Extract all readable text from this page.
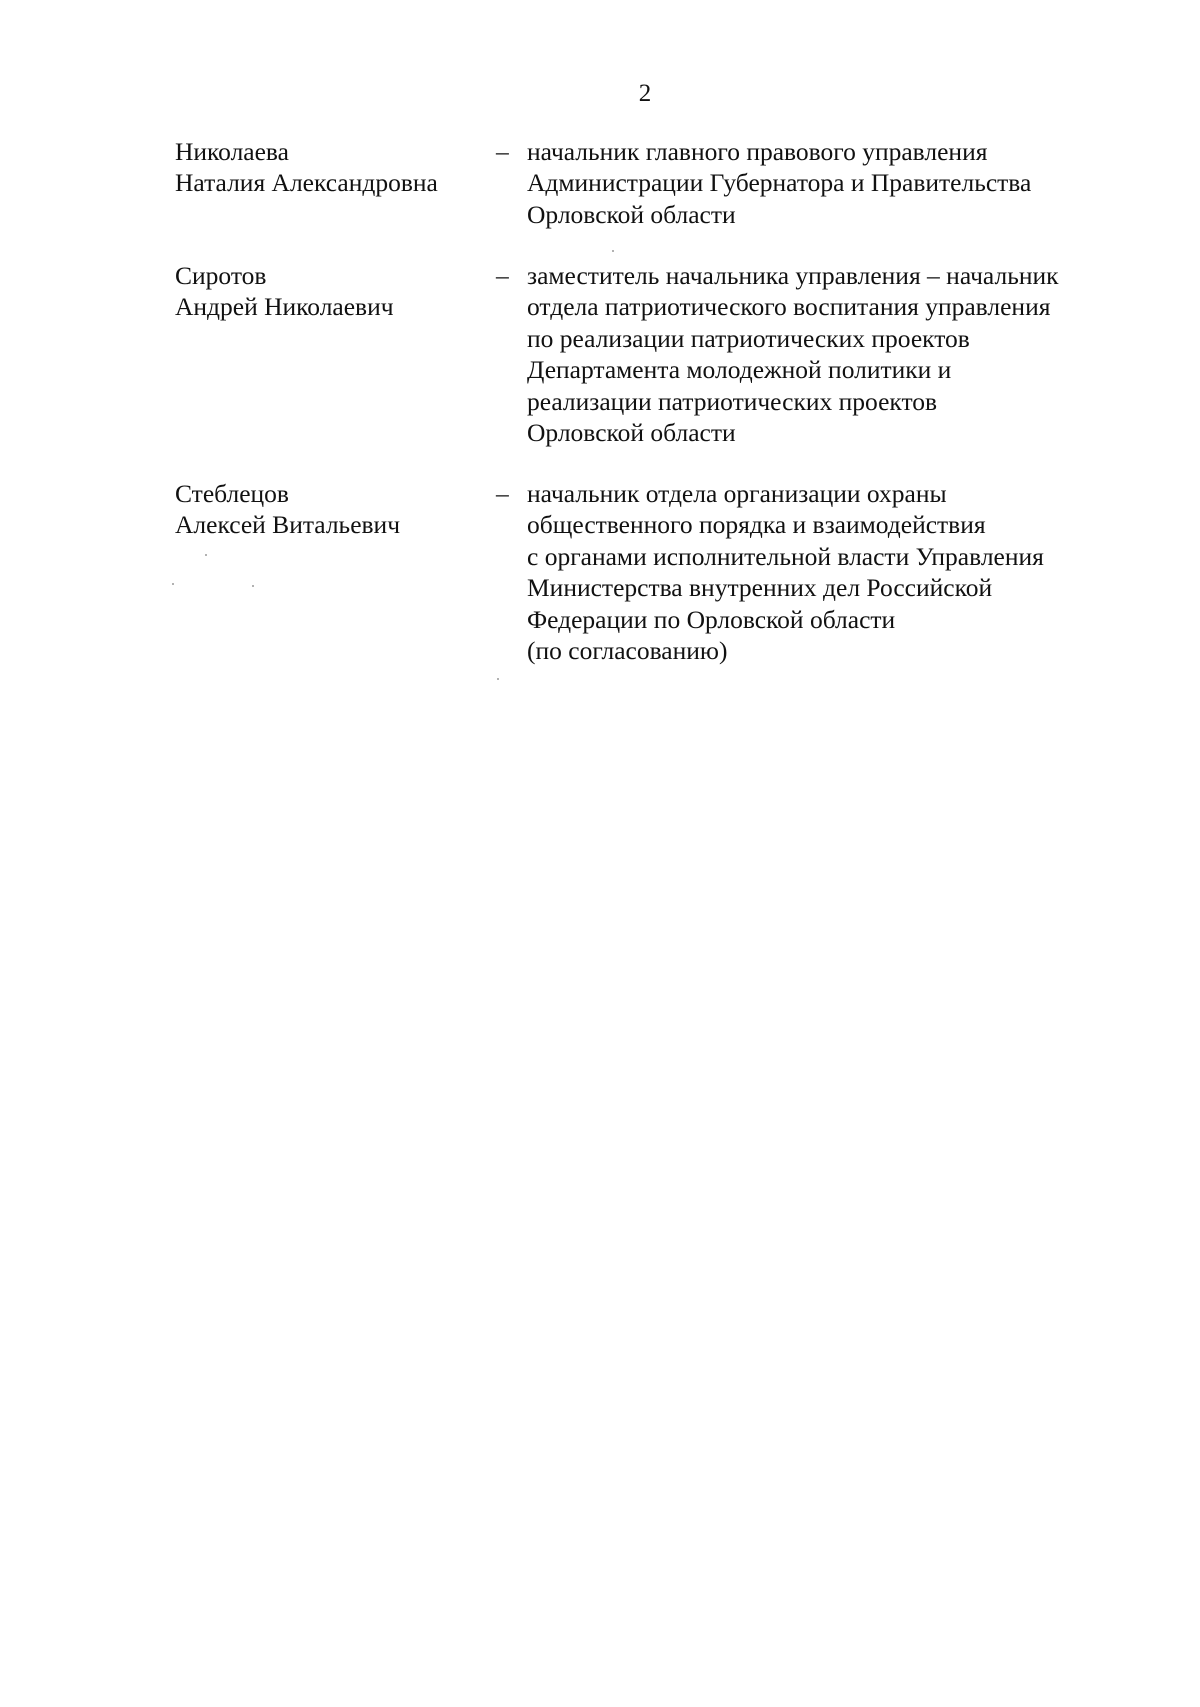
2
Николаева
Наталия Александровна
– начальник главного правового управления
Администрации Губернатора и Правительства
Орловской области
Сиротов
Андрей Николаевич
– заместитель начальника управления – начальник
отдела патриотического воспитания управления
по реализации патриотических проектов
Департамента молодежной политики и
реализации патриотических проектов
Орловской области
Стеблецов
Алексей Витальевич
– начальник отдела организации охраны
общественного порядка и взаимодействия
с органами исполнительной власти Управления
Министерства внутренних дел Российской
Федерации по Орловской области
(по согласованию)
